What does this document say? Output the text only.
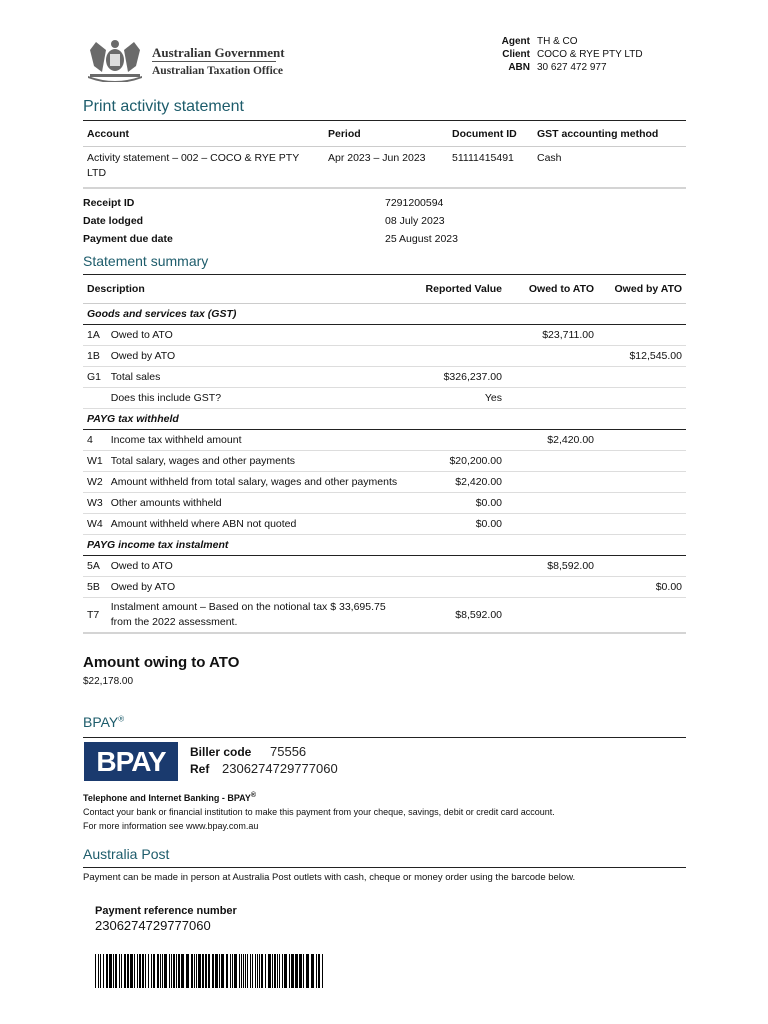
Australian Government
Australian Taxation Office
Agent TH & CO
Client COCO & RYE PTY LTD
ABN 30 627 472 977
Print activity statement
Account	Period	Document ID	GST accounting method
Activity statement – 002 – COCO & RYE PTY LTD	Apr 2023 – Jun 2023	51111415491	Cash
Receipt ID	7291200594
Date lodged	08 July 2023
Payment due date	25 August 2023
Statement summary
Description		Reported Value	Owed to ATO	Owed by ATO
Goods and services tax (GST)				
1A	Owed to ATO		$23,711.00	
1B	Owed by ATO			$12,545.00
G1	Total sales	$326,237.00		
	Does this include GST?	Yes		
PAYG tax withheld				
4	Income tax withheld amount		$2,420.00	
W1	Total salary, wages and other payments	$20,200.00		
W2	Amount withheld from total salary, wages and other payments	$2,420.00		
W3	Other amounts withheld	$0.00		
W4	Amount withheld where ABN not quoted	$0.00		
PAYG income tax instalment				
5A	Owed to ATO		$8,592.00	
5B	Owed by ATO			$0.00
T7	Instalment amount – Based on the notional tax $ 33,695.75 from the 2022 assessment.	$8,592.00		
Amount owing to ATO
$22,178.00
BPAY®
BPAY	Biller code 75556
Ref 2306274729777060
Telephone and Internet Banking - BPAY®
Contact your bank or financial institution to make this payment from your cheque, savings, debit or credit card account.
For more information see www.bpay.com.au
Australia Post
Payment can be made in person at Australia Post outlets with cash, cheque or money order using the barcode below.
Payment reference number
2306274729777060
